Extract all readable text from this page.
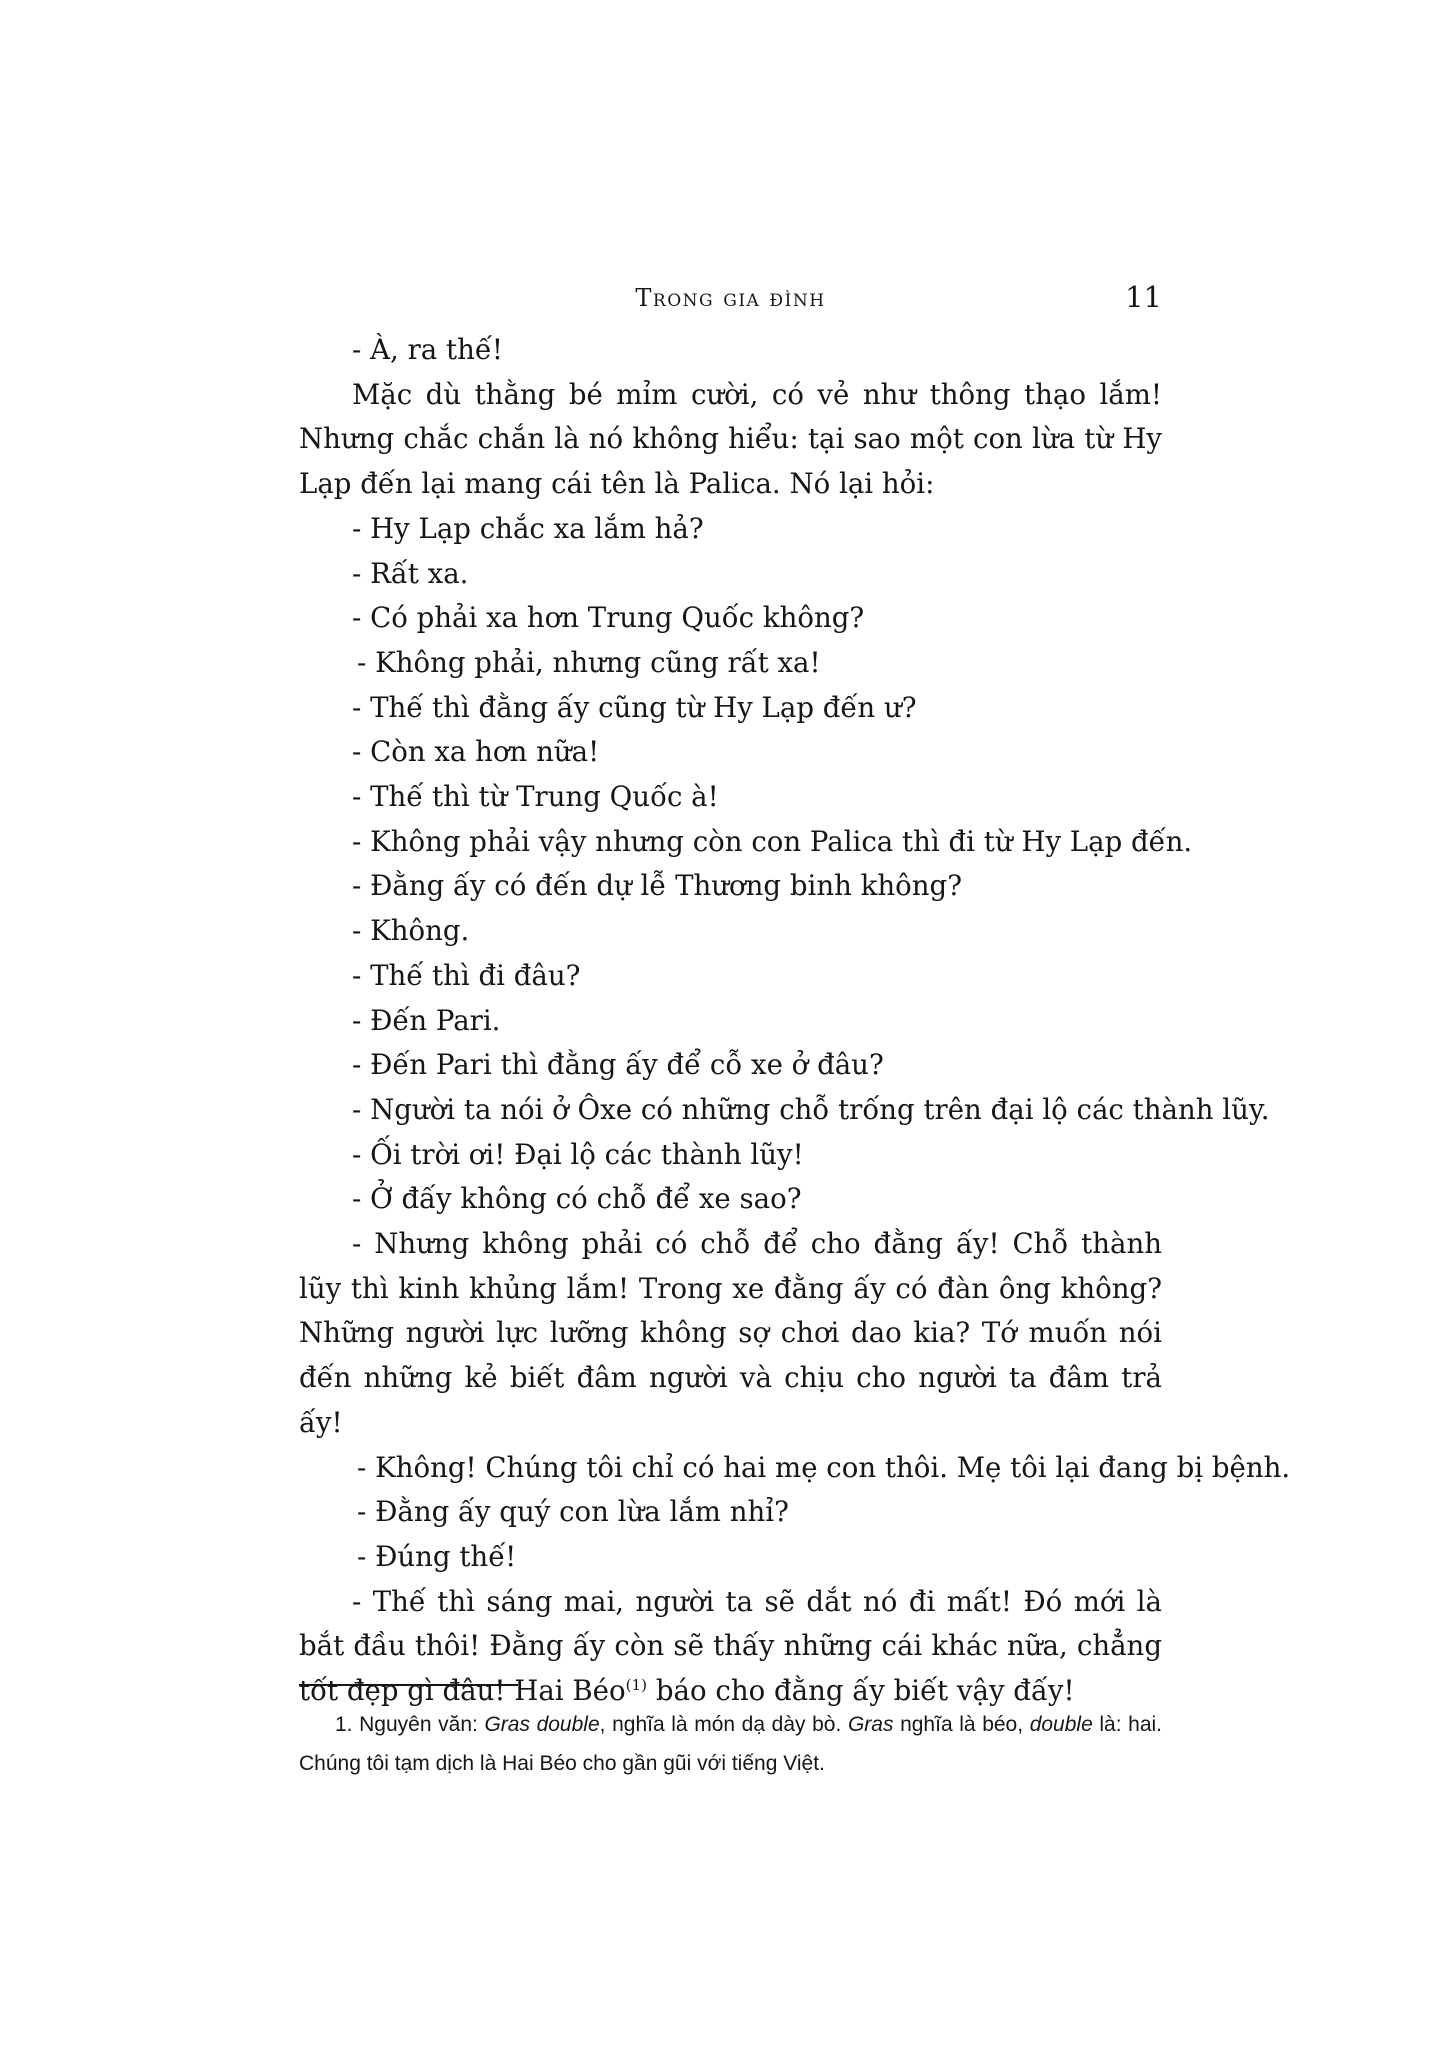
Trong gia đình	11
- À, ra thế!
Mặc dù thằng bé mỉm cười, có vẻ như thông thạo lắm! Nhưng chắc chắn là nó không hiểu: tại sao một con lừa từ Hy Lạp đến lại mang cái tên là Palica. Nó lại hỏi:
- Hy Lạp chắc xa lắm hả?
- Rất xa.
- Có phải xa hơn Trung Quốc không?
- Không phải, nhưng cũng rất xa!
- Thế thì đằng ấy cũng từ Hy Lạp đến ư?
- Còn xa hơn nữa!
- Thế thì từ Trung Quốc à!
- Không phải vậy nhưng còn con Palica thì đi từ Hy Lạp đến.
- Đằng ấy có đến dự lễ Thương binh không?
- Không.
- Thế thì đi đâu?
- Đến Pari.
- Đến Pari thì đằng ấy để cỗ xe ở đâu?
- Người ta nói ở Ôxe có những chỗ trống trên đại lộ các thành lũy.
- Ối trời ơi! Đại lộ các thành lũy!
- Ở đấy không có chỗ để xe sao?
- Nhưng không phải có chỗ để cho đằng ấy! Chỗ thành lũy thì kinh khủng lắm! Trong xe đằng ấy có đàn ông không? Những người lực lưỡng không sợ chơi dao kia? Tớ muốn nói đến những kẻ biết đâm người và chịu cho người ta đâm trả ấy!
- Không! Chúng tôi chỉ có hai mẹ con thôi. Mẹ tôi lại đang bị bệnh.
- Đằng ấy quý con lừa lắm nhỉ?
- Đúng thế!
- Thế thì sáng mai, người ta sẽ dắt nó đi mất! Đó mới là bắt đầu thôi! Đằng ấy còn sẽ thấy những cái khác nữa, chẳng tốt đẹp gì đâu! Hai Béo$^{(1)}$ báo cho đằng ấy biết vậy đấy!
1. Nguyên văn: Gras double, nghĩa là món dạ dày bò. Gras nghĩa là béo, double là: hai. Chúng tôi tạm dịch là Hai Béo cho gần gũi với tiếng Việt.
